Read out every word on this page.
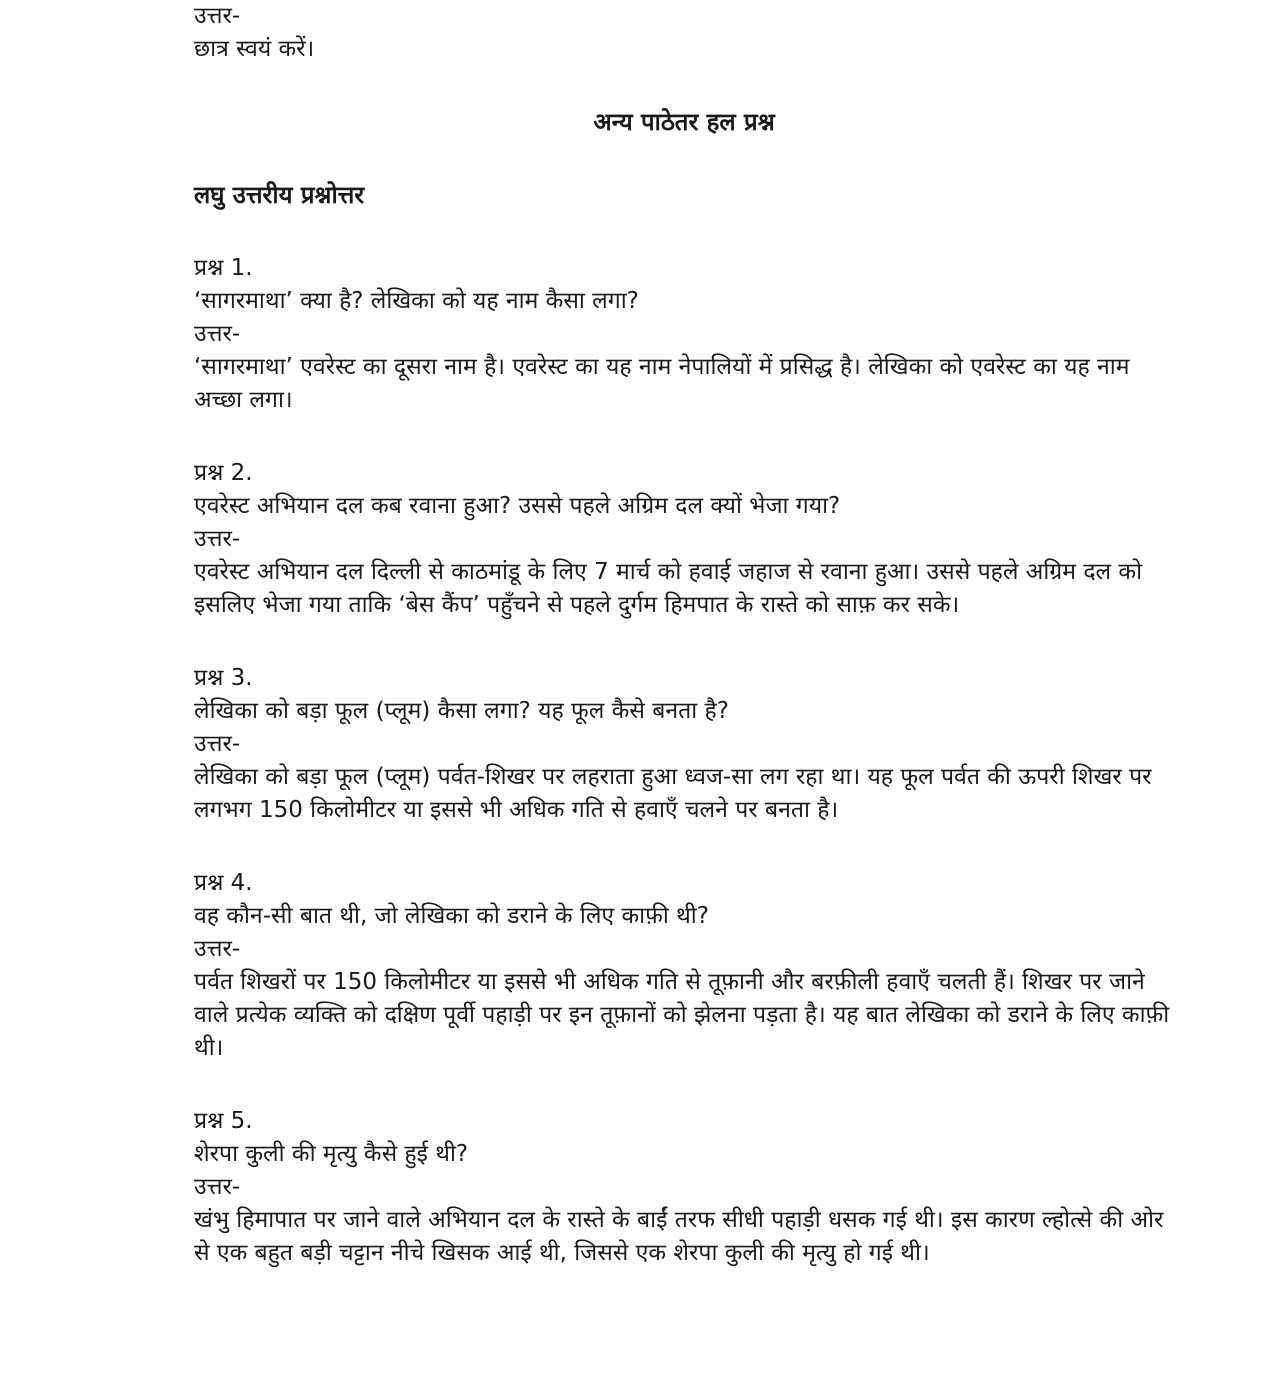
उत्तर-

छात्र स्वयं करें।

अन्य पाठेतर हल प्रश्न
लघु उत्तरीय प्रश्नोत्तर

प्रश्न 1.

‘सागरमाथा’ क्या है? लेखिका को यह नाम कैसा लगा?

उत्तर-

‘सागरमाथा’ एवरेस्ट का दूसरा नाम है। एवरेस्ट का यह नाम नेपालियों में प्रसिद्ध है। लेखिका को एवरेस्ट का यह नाम अच्छा लगा।

प्रश्न 2.

एवरेस्ट अभियान दल कब रवाना हुआ? उससे पहले अग्रिम दल क्यों भेजा गया?

उत्तर-

एवरेस्ट अभियान दल दिल्ली से काठमांडू के लिए 7 मार्च को हवाई जहाज से रवाना हुआ। उससे पहले अग्रिम दल को इसलिए भेजा गया ताकि ‘बेस कैंप’ पहुँचने से पहले दुर्गम हिमपात के रास्ते को साफ़ कर सके।

प्रश्न 3.

लेखिका को बड़ा फूल (प्लूम) कैसा लगा? यह फूल कैसे बनता है?

उत्तर-

लेखिका को बड़ा फूल (प्लूम) पर्वत-शिखर पर लहराता हुआ ध्वज-सा लग रहा था। यह फूल पर्वत की ऊपरी शिखर पर लगभग 150 किलोमीटर या इससे भी अधिक गति से हवाएँ चलने पर बनता है।

प्रश्न 4.

वह कौन-सी बात थी, जो लेखिका को डराने के लिए काफ़ी थी?

उत्तर-

पर्वत शिखरों पर 150 किलोमीटर या इससे भी अधिक गति से तूफ़ानी और बरफ़ीली हवाएँ चलती हैं। शिखर पर जाने वाले प्रत्येक व्यक्ति को दक्षिण पूर्वी पहाड़ी पर इन तूफ़ानों को झेलना पड़ता है। यह बात लेखिका को डराने के लिए काफ़ी थी।

प्रश्न 5.

शेरपा कुली की मृत्यु कैसे हुई थी?

उत्तर-

खंभु हिमापात पर जाने वाले अभियान दल के रास्ते के बाईं तरफ सीधी पहाड़ी धसक गई थी। इस कारण ल्होत्से की ओर से एक बहुत बड़ी चट्टान नीचे खिसक आई थी, जिससे एक शेरपा कुली की मृत्यु हो गई थी।
